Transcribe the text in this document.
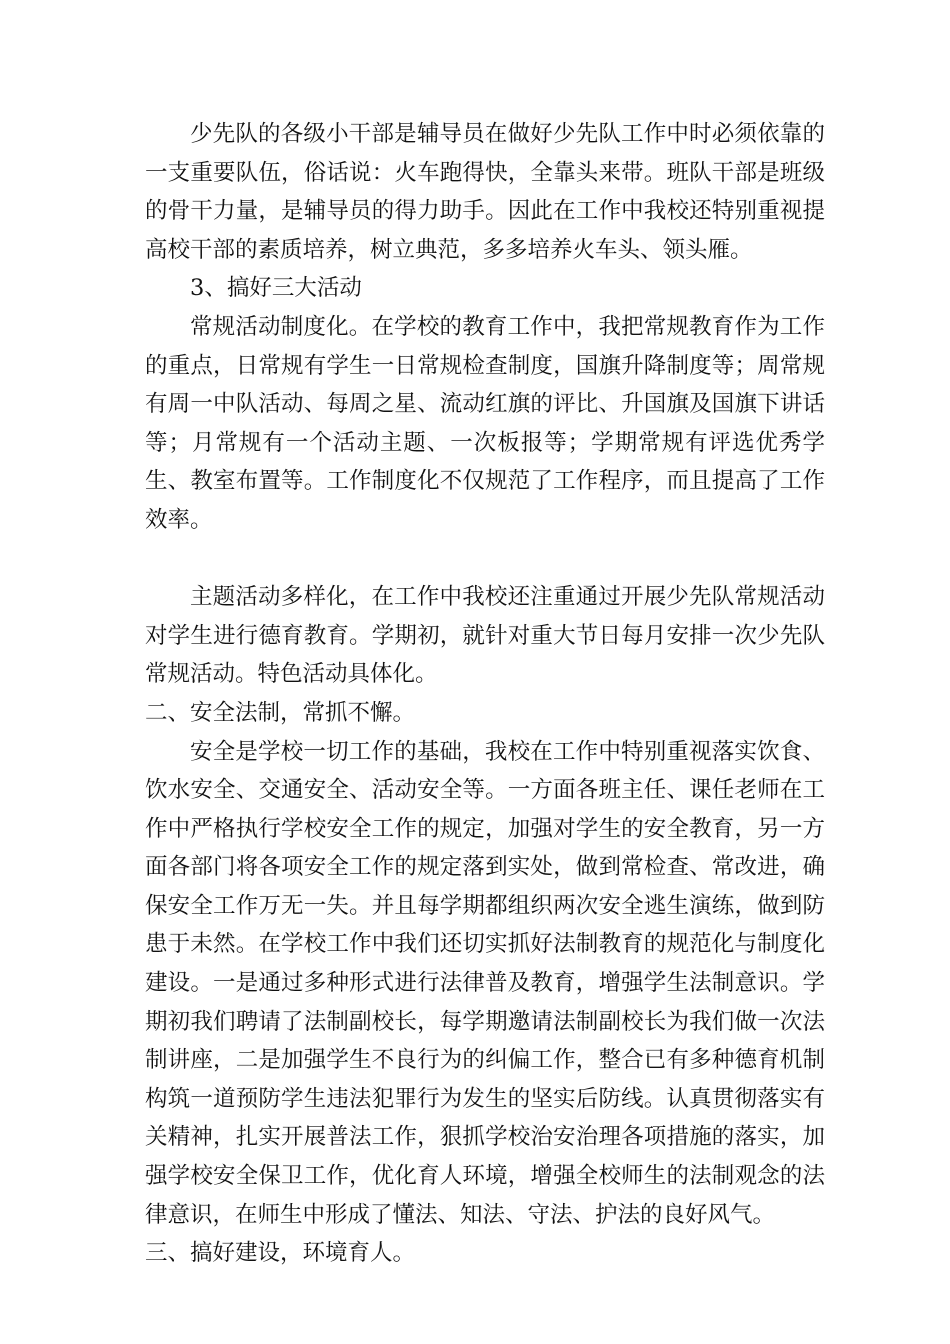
少先队的各级小干部是辅导员在做好少先队工作中时必须依靠的一支重要队伍，俗话说：火车跑得快，全靠头来带。班队干部是班级的骨干力量，是辅导员的得力助手。因此在工作中我校还特别重视提高校干部的素质培养，树立典范，多多培养火车头、领头雁。

3、搞好三大活动

常规活动制度化。在学校的教育工作中，我把常规教育作为工作的重点，日常规有学生一日常规检查制度，国旗升降制度等；周常规有周一中队活动、每周之星、流动红旗的评比、升国旗及国旗下讲话等；月常规有一个活动主题、一次板报等；学期常规有评选优秀学生、教室布置等。工作制度化不仅规范了工作程序，而且提高了工作效率。

主题活动多样化，在工作中我校还注重通过开展少先队常规活动对学生进行德育教育。学期初，就针对重大节日每月安排一次少先队常规活动。特色活动具体化。

二、安全法制，常抓不懈。

安全是学校一切工作的基础，我校在工作中特别重视落实饮食、饮水安全、交通安全、活动安全等。一方面各班主任、课任老师在工作中严格执行学校安全工作的规定，加强对学生的安全教育，另一方面各部门将各项安全工作的规定落到实处，做到常检查、常改进，确保安全工作万无一失。并且每学期都组织两次安全逃生演练，做到防患于未然。在学校工作中我们还切实抓好法制教育的规范化与制度化建设。一是通过多种形式进行法律普及教育，增强学生法制意识。学期初我们聘请了法制副校长，每学期邀请法制副校长为我们做一次法制讲座，二是加强学生不良行为的纠偏工作，整合已有多种德育机制构筑一道预防学生违法犯罪行为发生的坚实后防线。认真贯彻落实有关精神，扎实开展普法工作，狠抓学校治安治理各项措施的落实，加强学校安全保卫工作，优化育人环境，增强全校师生的法制观念的法律意识，在师生中形成了懂法、知法、守法、护法的良好风气。

三、搞好建设，环境育人。
